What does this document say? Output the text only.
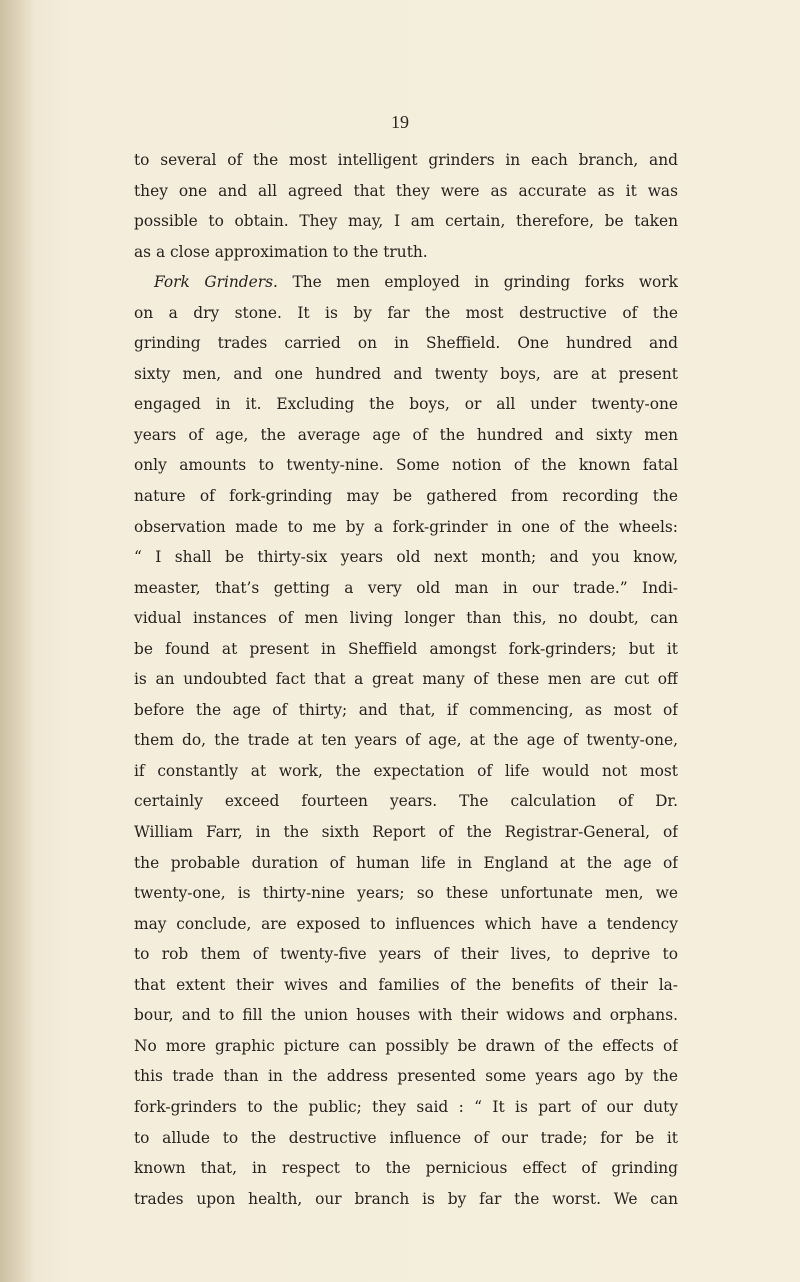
19
to several of the most intelligent grinders in each branch, and
they one and all agreed that they were as accurate as it was
possible to obtain. They may, I am certain, therefore, be taken
as a close approximation to the truth.
Fork Grinders. The men employed in grinding forks work
on a dry stone. It is by far the most destructive of the
grinding trades carried on in Sheffield. One hundred and
sixty men, and one hundred and twenty boys, are at present
engaged in it. Excluding the boys, or all under twenty-one
years of age, the average age of the hundred and sixty men
only amounts to twenty-nine. Some notion of the known fatal
nature of fork-grinding may be gathered from recording the
observation made to me by a fork-grinder in one of the wheels:
“ I shall be thirty-six years old next month; and you know,
measter, that’s getting a very old man in our trade.” Indi-
vidual instances of men living longer than this, no doubt, can
be found at present in Sheffield amongst fork-grinders; but it
is an undoubted fact that a great many of these men are cut off
before the age of thirty; and that, if commencing, as most of
them do, the trade at ten years of age, at the age of twenty-one,
if constantly at work, the expectation of life would not most
certainly exceed fourteen years. The calculation of Dr.
William Farr, in the sixth Report of the Registrar-General, of
the probable duration of human life in England at the age of
twenty-one, is thirty-nine years; so these unfortunate men, we
may conclude, are exposed to influences which have a tendency
to rob them of twenty-five years of their lives, to deprive to
that extent their wives and families of the benefits of their la-
bour, and to fill the union houses with their widows and orphans.
No more graphic picture can possibly be drawn of the effects of
this trade than in the address presented some years ago by the
fork-grinders to the public; they said : “ It is part of our duty
to allude to the destructive influence of our trade; for be it
known that, in respect to the pernicious effect of grinding
trades upon health, our branch is by far the worst. We can
